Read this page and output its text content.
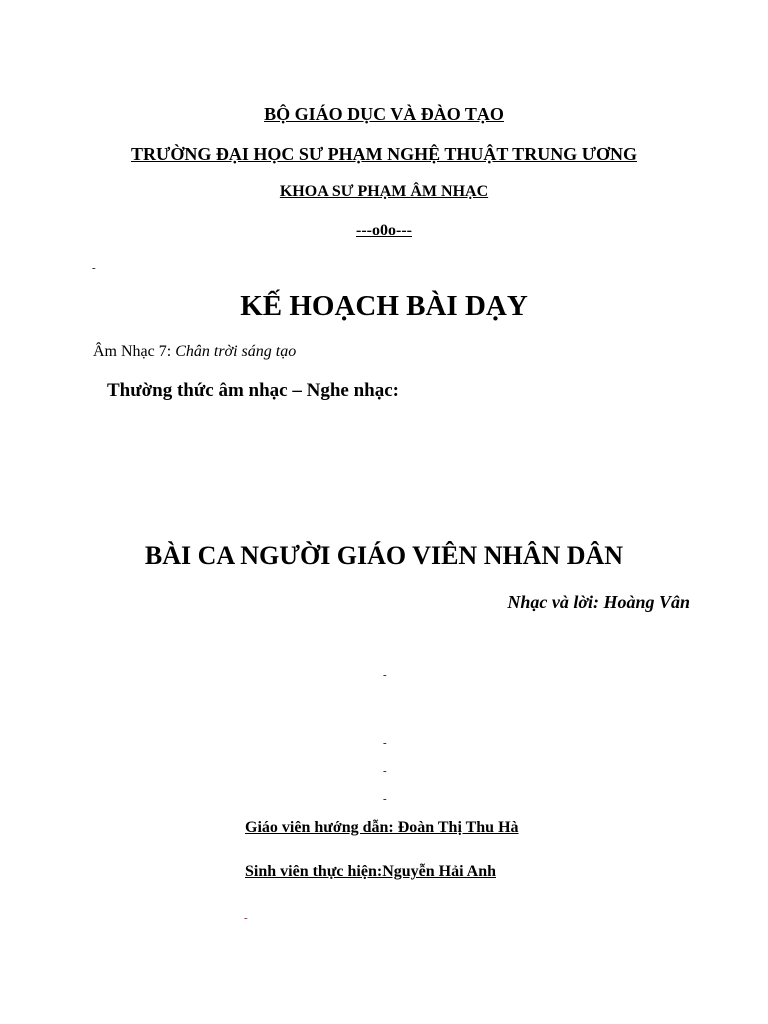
BỘ GIÁO DỤC VÀ ĐÀO TẠO
TRƯỜNG ĐẠI HỌC SƯ PHẠM NGHỆ THUẬT TRUNG ƯƠNG
KHOA SƯ PHẠM ÂM NHẠC
---o0o---
-
KẾ HOẠCH BÀI DẠY
Âm Nhạc 7: Chân trời sáng tạo
Thường thức âm nhạc – Nghe nhạc:
BÀI CA NGƯỜI GIÁO VIÊN NHÂN DÂN
Nhạc và lời: Hoàng Vân
-
-
-
-
Giáo viên hướng dẫn: Đoàn Thị Thu Hà
Sinh viên thực hiện:Nguyễn Hải Anh
-
